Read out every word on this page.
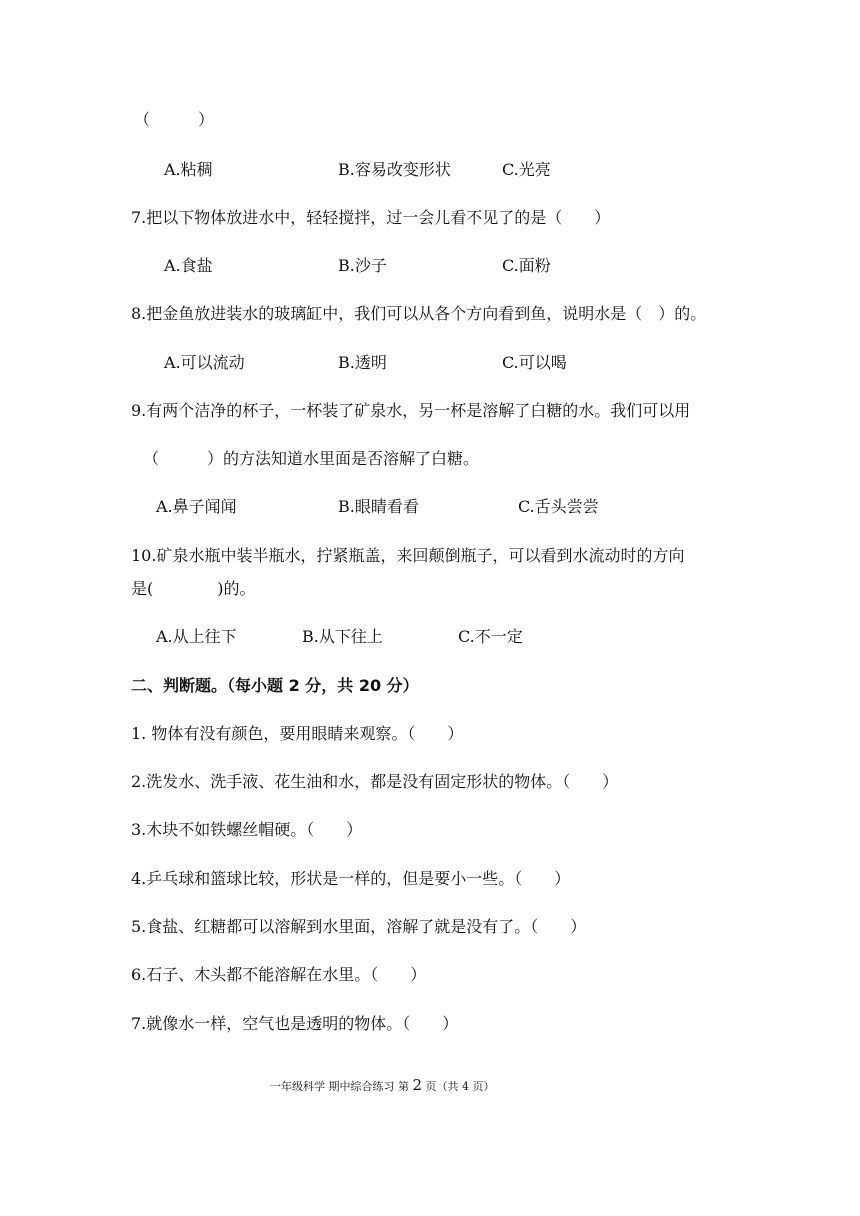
（　　　）
A.粘稠	B.容易改变形状	C.光亮
7.把以下物体放进水中，轻轻搅拌，过一会儿看不见了的是（　　）
A.食盐	B.沙子	C.面粉
8.把金鱼放进装水的玻璃缸中，我们可以从各个方向看到鱼，说明水是（　）的。
A.可以流动	B.透明	C.可以喝
9.有两个洁净的杯子，一杯装了矿泉水，另一杯是溶解了白糖的水。我们可以用
（　　　）的方法知道水里面是否溶解了白糖。
A.鼻子闻闻	B.眼睛看看	C.舌头尝尝
10.矿泉水瓶中装半瓶水，拧紧瓶盖，来回颠倒瓶子，可以看到水流动时的方向
是(　　　　)的。
A.从上往下	B.从下往上	C.不一定
二、判断题。（每小题 2 分，共 20 分）
1. 物体有没有颜色，要用眼睛来观察。（　　）
2.洗发水、洗手液、花生油和水，都是没有固定形状的物体。（　　）
3.木块不如铁螺丝帽硬。（　　）
4.乒乓球和篮球比较，形状是一样的，但是要小一些。（　　）
5.食盐、红糖都可以溶解到水里面，溶解了就是没有了。（　　）
6.石子、木头都不能溶解在水里。（　　）
7.就像水一样，空气也是透明的物体。（　　）
一年级科学 期中综合练习 第 2 页（共 4 页）
